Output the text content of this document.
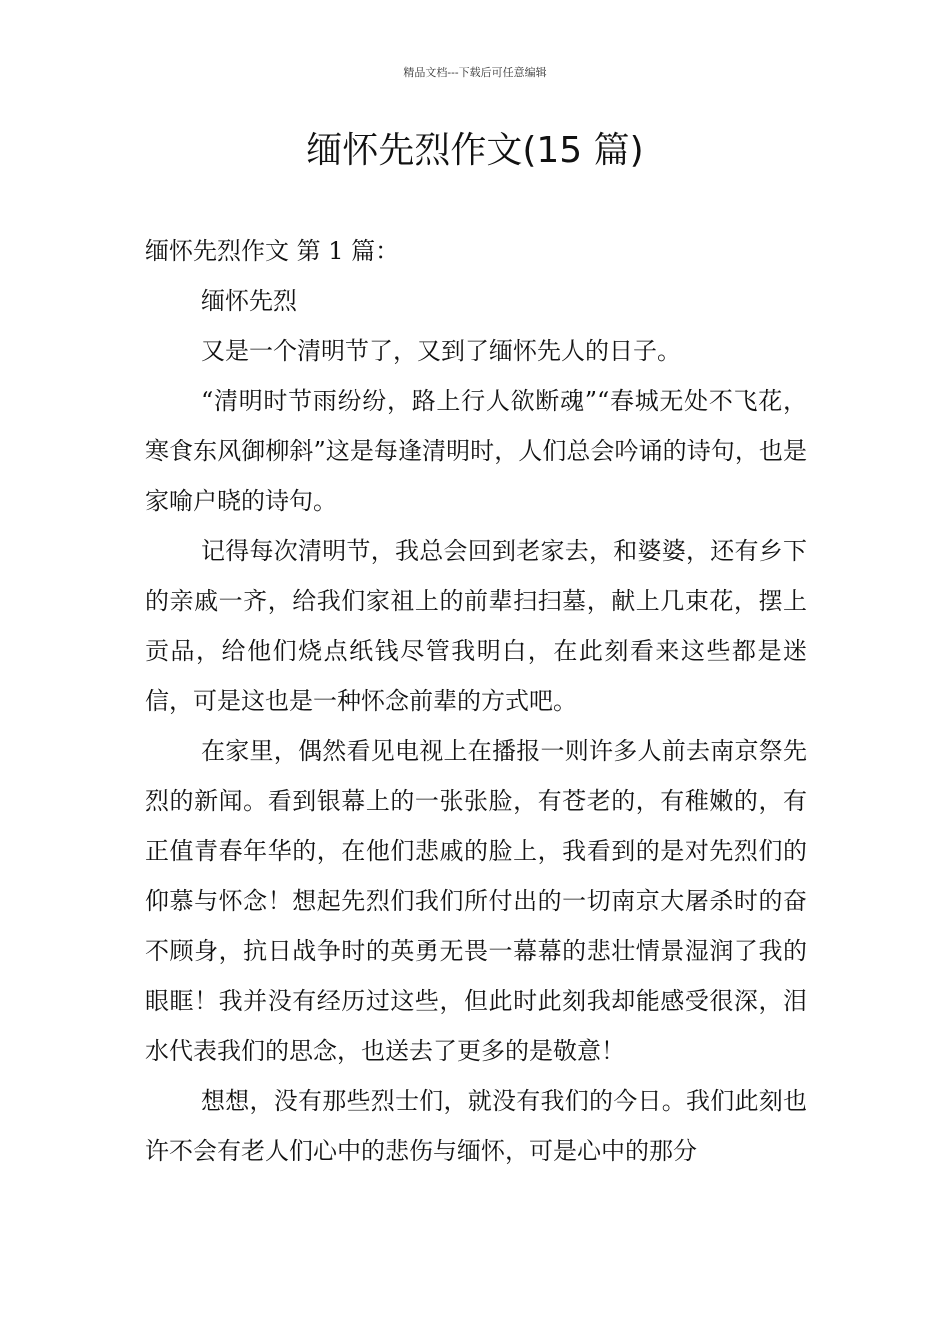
精品文档---下载后可任意编辑
缅怀先烈作文(15 篇)

缅怀先烈作文 第 1 篇：

缅怀先烈

又是一个清明节了，又到了缅怀先人的日子。

“清明时节雨纷纷，路上行人欲断魂”“春城无处不飞花，寒食东风御柳斜”这是每逢清明时，人们总会吟诵的诗句，也是家喻户晓的诗句。

记得每次清明节，我总会回到老家去，和婆婆，还有乡下的亲戚一齐，给我们家祖上的前辈扫扫墓，献上几束花，摆上贡品，给他们烧点纸钱尽管我明白，在此刻看来这些都是迷信，可是这也是一种怀念前辈的方式吧。

在家里，偶然看见电视上在播报一则许多人前去南京祭先烈的新闻。看到银幕上的一张张脸，有苍老的，有稚嫩的，有正值青春年华的，在他们悲戚的脸上，我看到的是对先烈们的仰慕与怀念！想起先烈们我们所付出的一切南京大屠杀时的奋不顾身，抗日战争时的英勇无畏一幕幕的悲壮情景湿润了我的眼眶！我并没有经历过这些，但此时此刻我却能感受很深，泪水代表我们的思念，也送去了更多的是敬意！

想想，没有那些烈士们，就没有我们的今日。我们此刻也许不会有老人们心中的悲伤与缅怀，可是心中的那分
